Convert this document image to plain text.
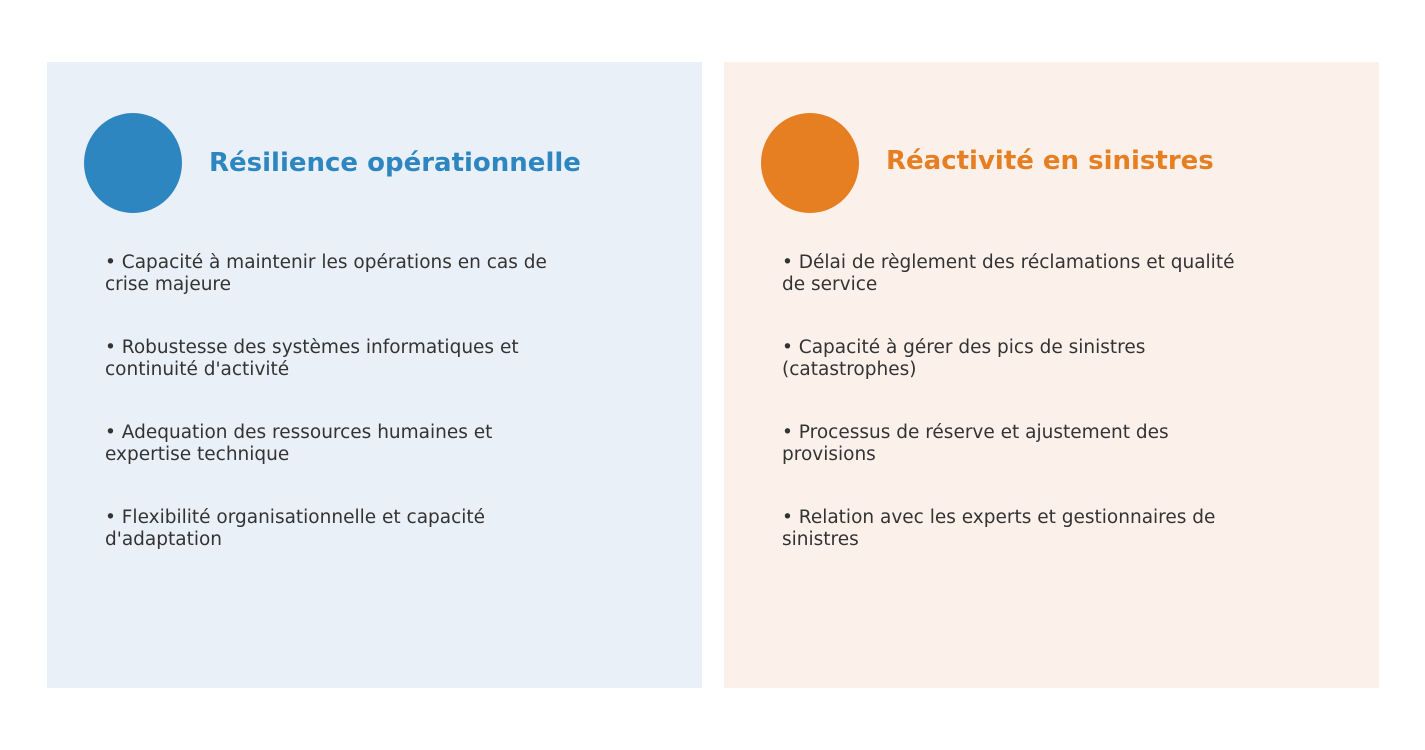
Résilience opérationnelle
• Capacité à maintenir les opérations en cas de crise majeure
• Robustesse des systèmes informatiques et continuité d'activité
• Adequation des ressources humaines et expertise technique
• Flexibilité organisationnelle et capacité d'adaptation
Réactivité en sinistres
• Délai de règlement des réclamations et qualité de service
• Capacité à gérer des pics de sinistres (catastrophes)
• Processus de réserve et ajustement des provisions
• Relation avec les experts et gestionnaires de sinistres
